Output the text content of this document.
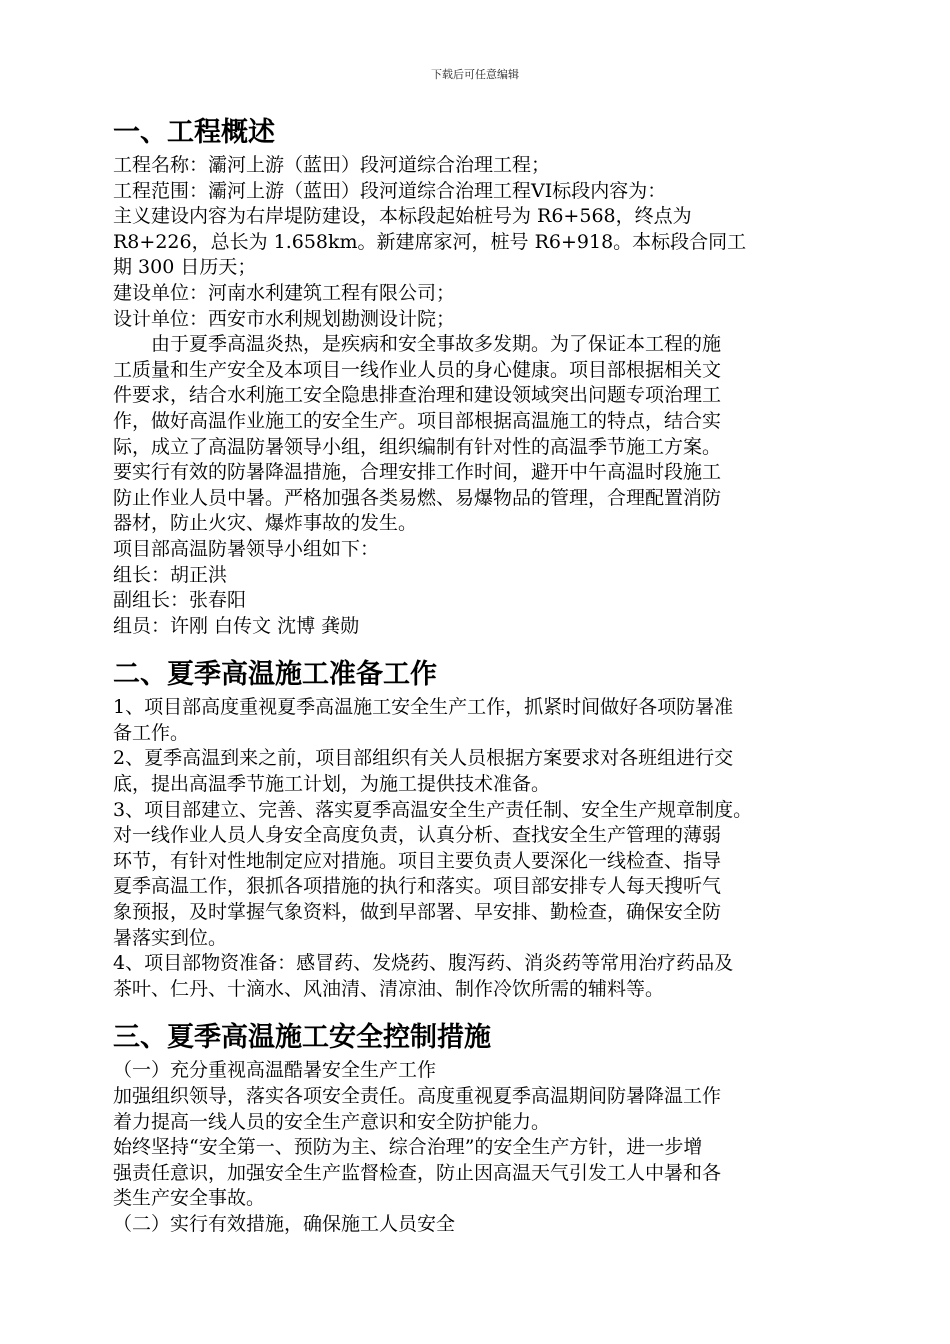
下载后可任意编辑
一、工程概述

工程名称：灞河上游（蓝田）段河道综合治理工程；

工程范围：灞河上游（蓝田）段河道综合治理工程VI标段内容为：

主义建设内容为右岸堤防建设，本标段起始桩号为 R6+568，终点为

R8+226，总长为 1.658km。新建席家河，桩号 R6+918。本标段合同工

期 300 日历天；

建设单位：河南水利建筑工程有限公司；

设计单位：西安市水利规划勘测设计院；

由于夏季高温炎热，是疾病和安全事故多发期。为了保证本工程的施

工质量和生产安全及本项目一线作业人员的身心健康。项目部根据相关文

件要求，结合水利施工安全隐患排查治理和建设领域突出问题专项治理工

作，做好高温作业施工的安全生产。项目部根据高温施工的特点，结合实

际，成立了高温防暑领导小组，组织编制有针对性的高温季节施工方案。

要实行有效的防暑降温措施，合理安排工作时间，避开中午高温时段施工

防止作业人员中暑。严格加强各类易燃、易爆物品的管理，合理配置消防

器材，防止火灾、爆炸事故的发生。

项目部高温防暑领导小组如下：

组长：胡正洪

副组长：张春阳

组员：许刚 白传文 沈博 龚勋

二、夏季高温施工准备工作

1、项目部高度重视夏季高温施工安全生产工作，抓紧时间做好各项防暑准

备工作。

2、夏季高温到来之前，项目部组织有关人员根据方案要求对各班组进行交

底，提出高温季节施工计划，为施工提供技术准备。

3、项目部建立、完善、落实夏季高温安全生产责任制、安全生产规章制度。

对一线作业人员人身安全高度负责，认真分析、查找安全生产管理的薄弱

环节，有针对性地制定应对措施。项目主要负责人要深化一线检查、指导

夏季高温工作，狠抓各项措施的执行和落实。项目部安排专人每天搜听气

象预报，及时掌握气象资料，做到早部署、早安排、勤检查，确保安全防

暑落实到位。

4、项目部物资准备：感冒药、发烧药、腹泻药、消炎药等常用治疗药品及

茶叶、仁丹、十滴水、风油清、清凉油、制作冷饮所需的辅料等。

三、夏季高温施工安全控制措施

（一）充分重视高温酷暑安全生产工作

加强组织领导，落实各项安全责任。高度重视夏季高温期间防暑降温工作

着力提高一线人员的安全生产意识和安全防护能力。

始终坚持“安全第一、预防为主、综合治理”的安全生产方针，进一步增

强责任意识，加强安全生产监督检查，防止因高温天气引发工人中暑和各

类生产安全事故。

（二）实行有效措施，确保施工人员安全
